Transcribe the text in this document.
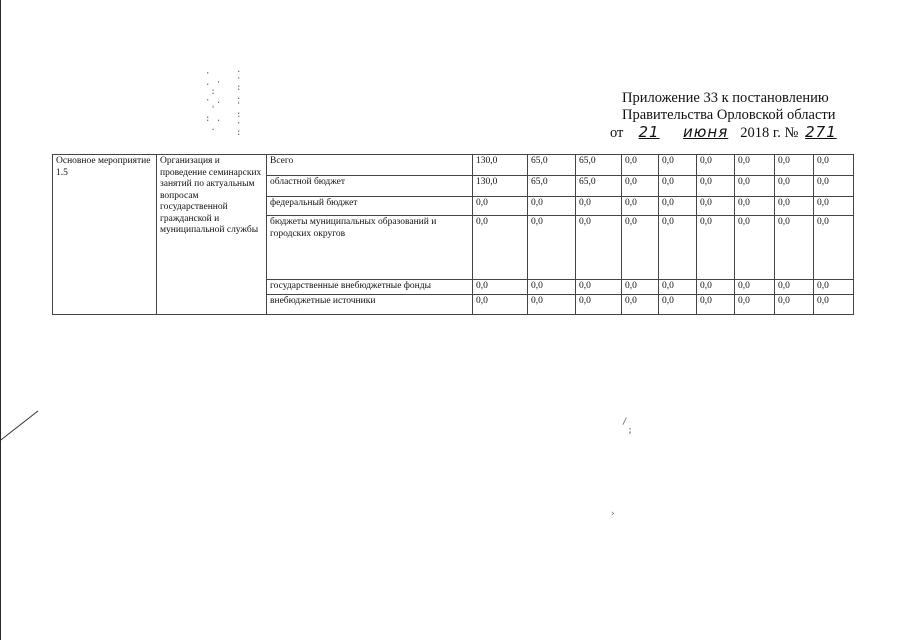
·
. ·
:
· .
'
: .
.
.
·
:
.
'
:
·
:
/
;
›
Приложение 33 к постановлению
Правительства Орловской области
от 21 июня 2018 г. № 271
Основное мероприятие 1.5	Организация и проведение семинарских занятий по актуальным вопросам государственной гражданской и муниципальной службы	Всего	130,0	65,0	65,0	0,0	0,0	0,0	0,0	0,0	0,0
		областной бюджет	130,0	65,0	65,0	0,0	0,0	0,0	0,0	0,0	0,0
		федеральный бюджет	0,0	0,0	0,0	0,0	0,0	0,0	0,0	0,0	0,0
		бюджеты муниципальных образований и городских округов	0,0	0,0	0,0	0,0	0,0	0,0	0,0	0,0	0,0
		государственные внебюджетные фонды	0,0	0,0	0,0	0,0	0,0	0,0	0,0	0,0	0,0
		внебюджетные источники	0,0	0,0	0,0	0,0	0,0	0,0	0,0	0,0	0,0
